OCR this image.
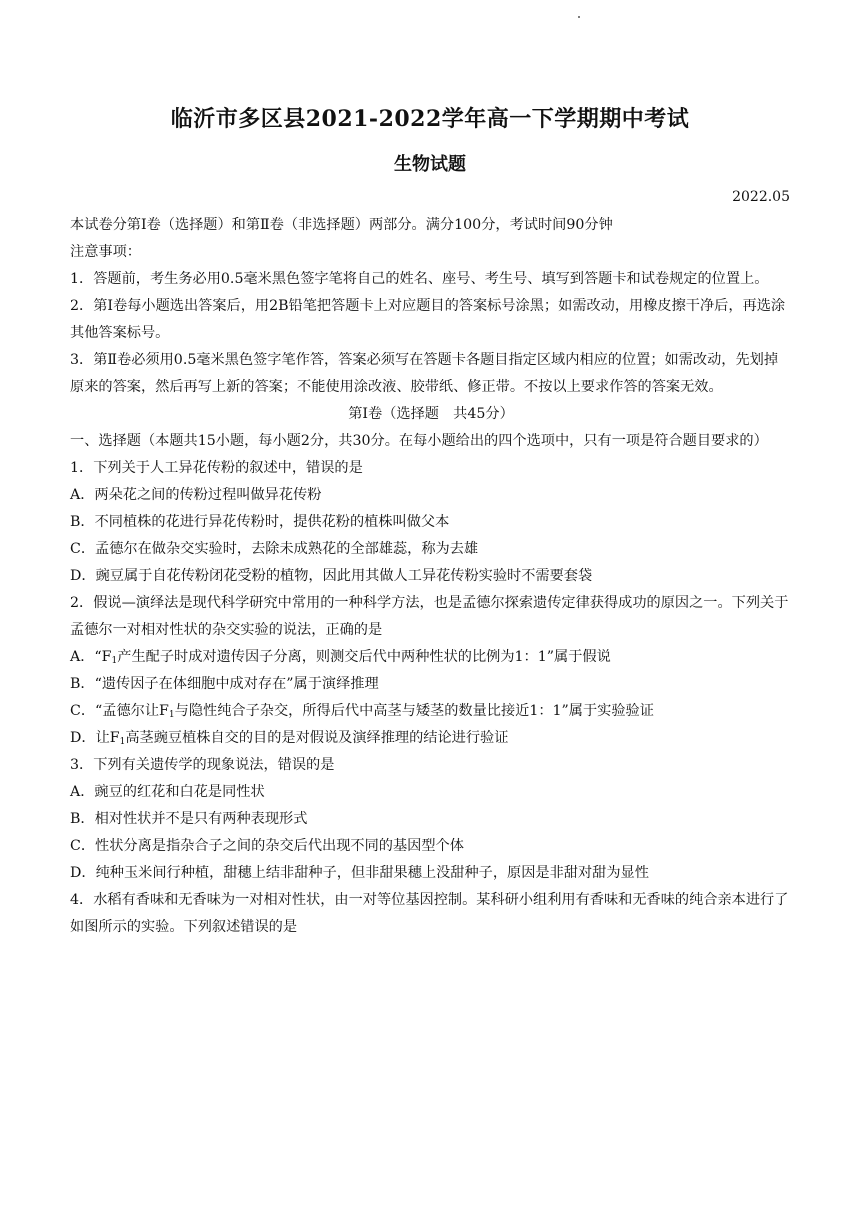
临沂市多区县2021-2022学年高一下学期期中考试
生物试题
2022.05

本试卷分第Ⅰ卷（选择题）和第Ⅱ卷（非选择题）两部分。满分100分，考试时间90分钟

注意事项：

1．答题前，考生务必用0.5毫米黑色签字笔将自己的姓名、座号、考生号、填写到答题卡和试卷规定的位置上。

2．第Ⅰ卷每小题选出答案后，用2B铅笔把答题卡上对应题目的答案标号涂黑；如需改动，用橡皮擦干净后，再选涂其他答案标号。

3．第Ⅱ卷必须用0.5毫米黑色签字笔作答，答案必须写在答题卡各题目指定区域内相应的位置；如需改动，先划掉原来的答案，然后再写上新的答案；不能使用涂改液、胶带纸、修正带。不按以上要求作答的答案无效。

第Ⅰ卷（选择题　共45分）

一、选择题（本题共15小题，每小题2分，共30分。在每小题给出的四个选项中，只有一项是符合题目要求的）

1．下列关于人工异花传粉的叙述中，错误的是

A．两朵花之间的传粉过程叫做异花传粉

B．不同植株的花进行异花传粉时，提供花粉的植株叫做父本

C．孟德尔在做杂交实验时，去除未成熟花的全部雄蕊，称为去雄

D．豌豆属于自花传粉闭花受粉的植物，因此用其做人工异花传粉实验时不需要套袋

2．假说—演绎法是现代科学研究中常用的一种科学方法，也是孟德尔探索遗传定律获得成功的原因之一。下列关于孟德尔一对相对性状的杂交实验的说法，正确的是

A．“$F_1$产生配子时成对遗传因子分离，则测交后代中两种性状的比例为1：1”属于假说

B．“遗传因子在体细胞中成对存在”属于演绎推理

C．“孟德尔让$F_1$与隐性纯合子杂交，所得后代中高茎与矮茎的数量比接近1：1”属于实验验证

D．让$F_1$高茎豌豆植株自交的目的是对假说及演绎推理的结论进行验证

3．下列有关遗传学的现象说法，错误的是

A．豌豆的红花和白花是同性状

B．相对性状并不是只有两种表现形式

C．性状分离是指杂合子之间的杂交后代出现不同的基因型个体

D．纯种玉米间行种植，甜穗上结非甜种子，但非甜果穗上没甜种子，原因是非甜对甜为显性

4．水稻有香味和无香味为一对相对性状，由一对等位基因控制。某科研小组利用有香味和无香味的纯合亲本进行了如图所示的实验。下列叙述错误的是
